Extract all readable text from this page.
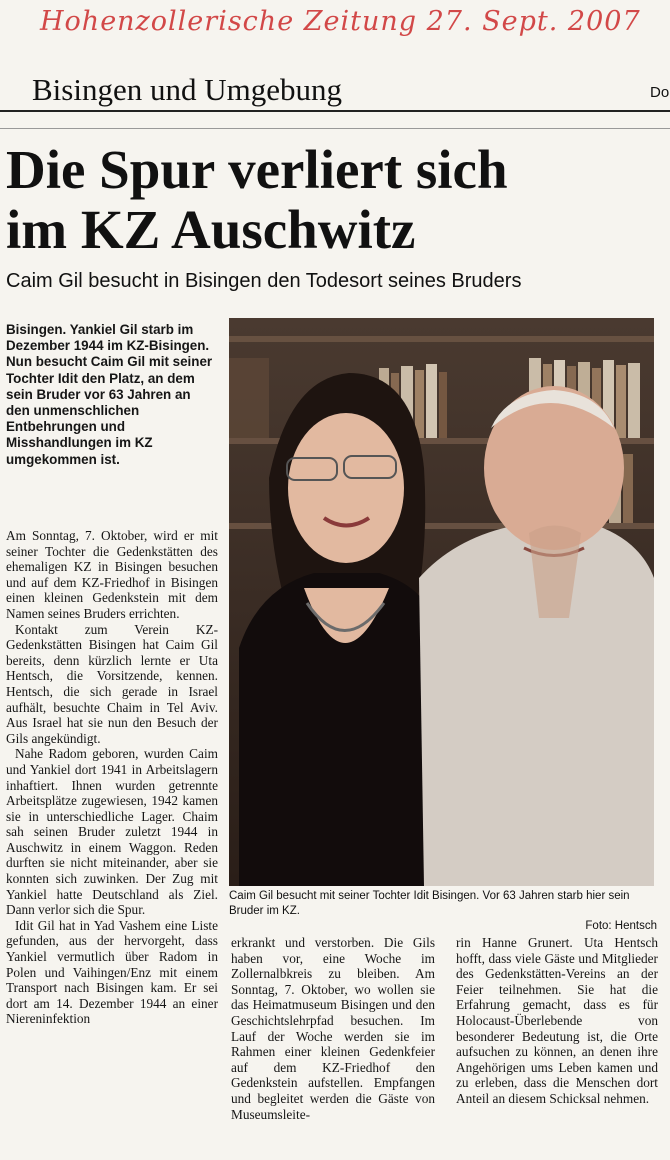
Hohenzollerische Zeitung 27. Sept. 2007
Bisingen und Umgebung	Do
Die Spur verliert sich
im KZ Auschwitz
Caim Gil besucht in Bisingen den Todesort seines Bruders
Bisingen. Yankiel Gil starb im Dezember 1944 im KZ-Bisingen. Nun besucht Caim Gil mit seiner Tochter Idit den Platz, an dem sein Bruder vor 63 Jahren an den unmenschlichen Entbehrungen und Misshandlungen im KZ umgekommen ist.

Am Sonntag, 7. Oktober, wird er mit seiner Tochter die Gedenkstätten des ehemaligen KZ in Bisingen besuchen und auf dem KZ-Friedhof in Bisingen einen kleinen Gedenkstein mit dem Namen seines Bruders errichten.

Kontakt zum Verein KZ-Gedenkstätten Bisingen hat Caim Gil bereits, denn kürzlich lernte er Uta Hentsch, die Vorsitzende, kennen. Hentsch, die sich gerade in Israel aufhält, besuchte Chaim in Tel Aviv. Aus Israel hat sie nun den Besuch der Gils angekündigt.

Nahe Radom geboren, wurden Caim und Yankiel dort 1941 in Arbeitslagern inhaftiert. Ihnen wurden getrennte Arbeitsplätze zugewiesen, 1942 kamen sie in unterschiedliche Lager. Chaim sah seinen Bruder zuletzt 1944 in Auschwitz in einem Waggon. Reden durften sie nicht miteinander, aber sie konnten sich zuwinken. Der Zug mit Yankiel hatte Deutschland als Ziel. Dann verlor sich die Spur.

Idit Gil hat in Yad Vashem eine Liste gefunden, aus der hervorgeht, dass Yankiel vermutlich über Radom in Polen und Vaihingen/Enz mit einem Transport nach Bisingen kam. Er sei dort am 14. Dezember 1944 an einer Niereninfektion

Caim Gil besucht mit seiner Tochter Idit Bisingen. Vor 63 Jahren starb hier sein Bruder im KZ.
Foto: Hentsch

erkrankt und verstorben. Die Gils haben vor, eine Woche im Zollernalbkreis zu bleiben. Am Sonntag, 7. Oktober, wo wollen sie das Heimatmuseum Bisingen und den Geschichtslehrpfad besuchen. Im Lauf der Woche werden sie im Rahmen einer kleinen Gedenkfeier auf dem KZ-Friedhof den Gedenkstein aufstellen. Empfangen und begleitet werden die Gäste von Museumsleite-

rin Hanne Grunert. Uta Hentsch hofft, dass viele Gäste und Mitglieder des Gedenkstätten-Vereins an der Feier teilnehmen. Sie hat die Erfahrung gemacht, dass es für Holocaust-Überlebende von besonderer Bedeutung ist, die Orte aufsuchen zu können, an denen ihre Angehörigen ums Leben kamen und zu erleben, dass die Menschen dort Anteil an diesem Schicksal nehmen.
